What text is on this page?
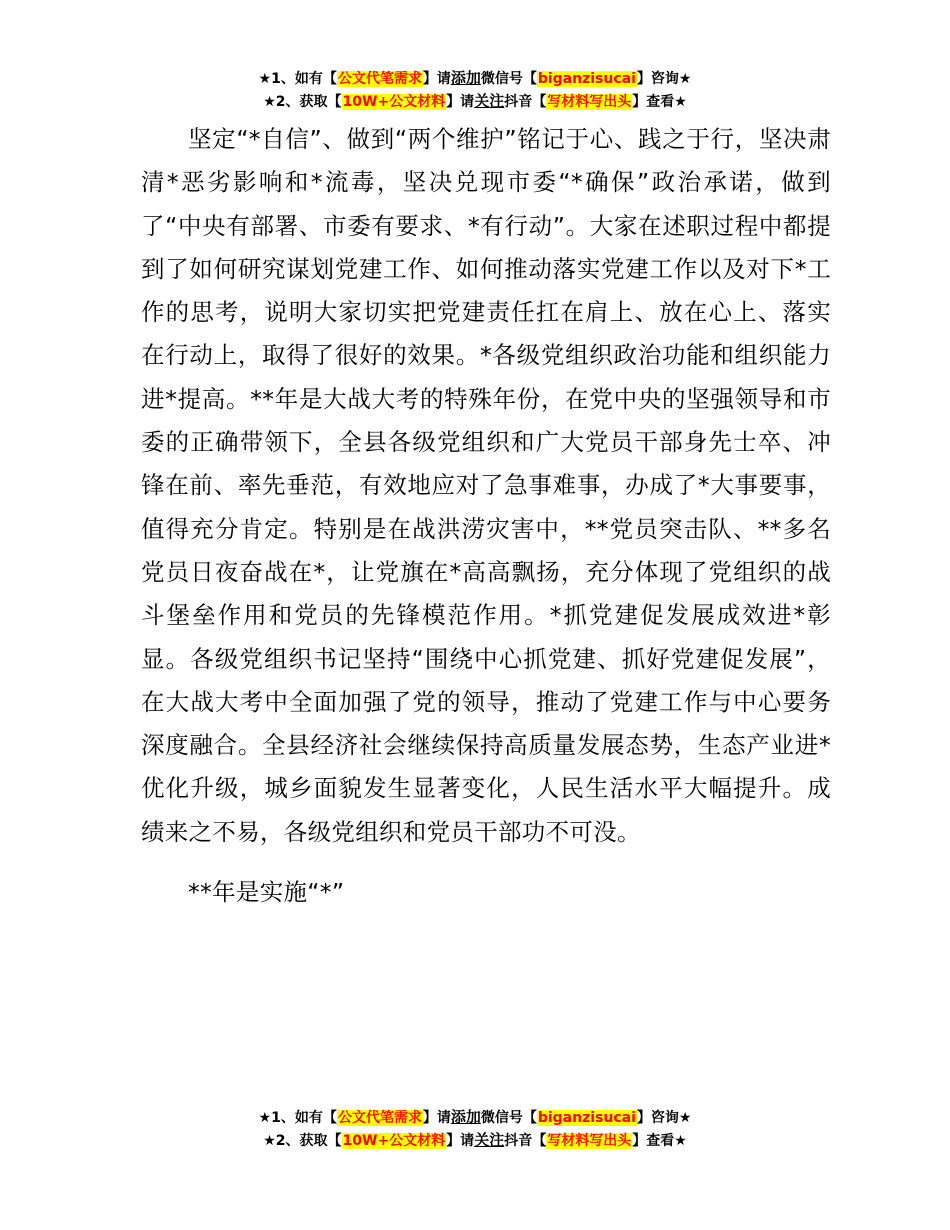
★1、如有【公文代笔需求】请添加微信号【biganzisucai】咨询★
★2、获取【10W+公文材料】请关注抖音【写材料写出头】查看★

坚定“*自信”、做到“两个维护”铭记于心、践之于行，坚决肃清*恶劣影响和*流毒，坚决兑现市委“*确保”政治承诺，做到了“中央有部署、市委有要求、*有行动”。大家在述职过程中都提到了如何研究谋划党建工作、如何推动落实党建工作以及对下*工作的思考，说明大家切实把党建责任扛在肩上、放在心上、落实在行动上，取得了很好的效果。*各级党组织政治功能和组织能力进*提高。**年是大战大考的特殊年份，在党中央的坚强领导和市委的正确带领下，全县各级党组织和广大党员干部身先士卒、冲锋在前、率先垂范，有效地应对了急事难事，办成了*大事要事，值得充分肯定。特别是在战洪涝灾害中，**党员突击队、**多名党员日夜奋战在*，让党旗在*高高飘扬，充分体现了党组织的战斗堡垒作用和党员的先锋模范作用。*抓党建促发展成效进*彰显。各级党组织书记坚持“围绕中心抓党建、抓好党建促发展”，在大战大考中全面加强了党的领导，推动了党建工作与中心要务深度融合。全县经济社会继续保持高质量发展态势，生态产业进*优化升级，城乡面貌发生显著变化，人民生活水平大幅提升。成绩来之不易，各级党组织和党员干部功不可没。

**年是实施“*”

★1、如有【公文代笔需求】请添加微信号【biganzisucai】咨询★
★2、获取【10W+公文材料】请关注抖音【写材料写出头】查看★
